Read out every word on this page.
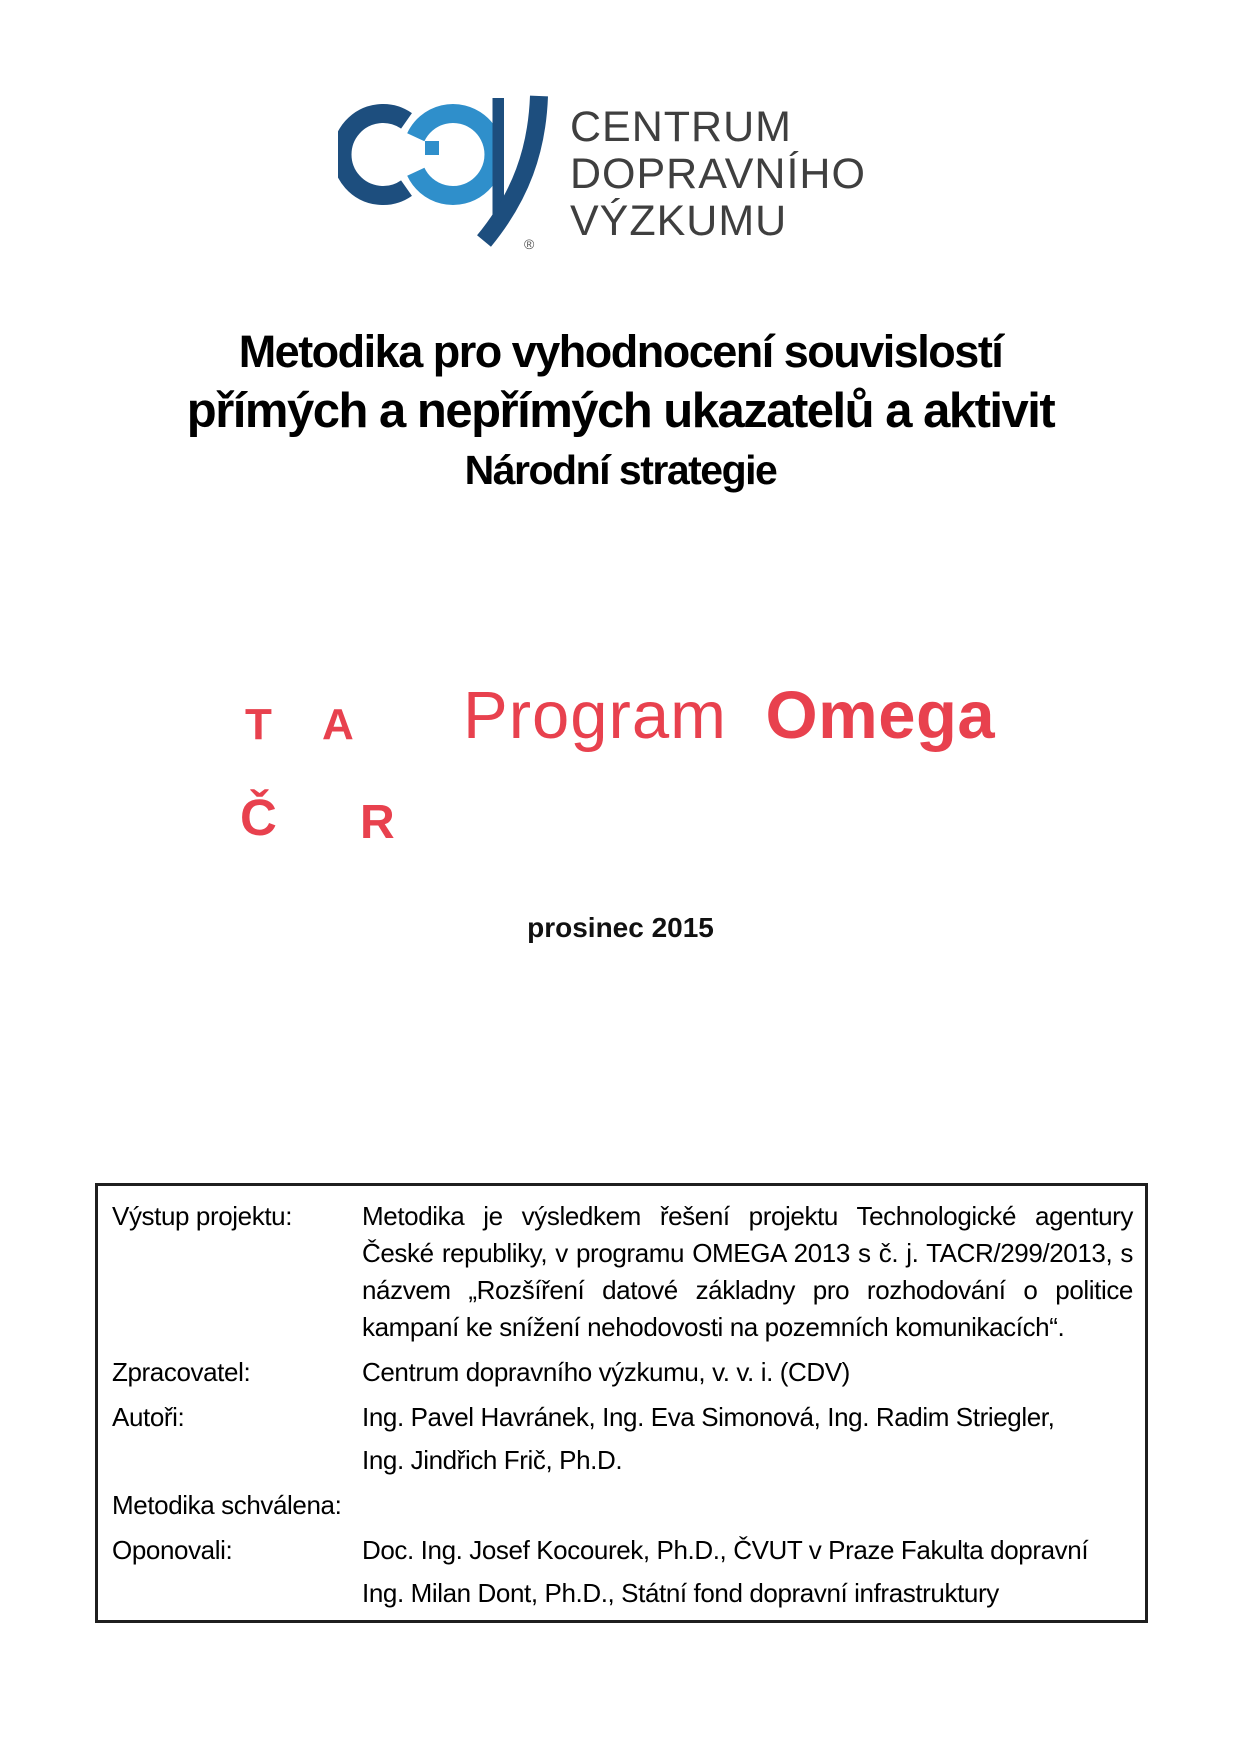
®
CENTRUM
DOPRAVNÍHO
VÝZKUMU
Metodika pro vyhodnocení souvislostí
přímých a nepřímých ukazatelů a aktivit
Národní strategie
T A
Č R
Program Omega
prosinec 2015
Výstup projektu:	Metodika je výsledkem řešení projektu Technologické agentury České republiky, v programu OMEGA 2013 s č. j. TACR/299/2013, s názvem „Rozšíření datové základny pro rozhodování o politice kampaní ke snížení nehodovosti na pozemních komunikacích“.
Zpracovatel:	Centrum dopravního výzkumu, v. v. i. (CDV)
Autoři:	Ing. Pavel Havránek, Ing. Eva Simonová, Ing. Radim Striegler,
Ing. Jindřich Frič, Ph.D.
Metodika schválena:
Oponovali:	Doc. Ing. Josef Kocourek, Ph.D., ČVUT v Praze Fakulta dopravní
Ing. Milan Dont, Ph.D., Státní fond dopravní infrastruktury
